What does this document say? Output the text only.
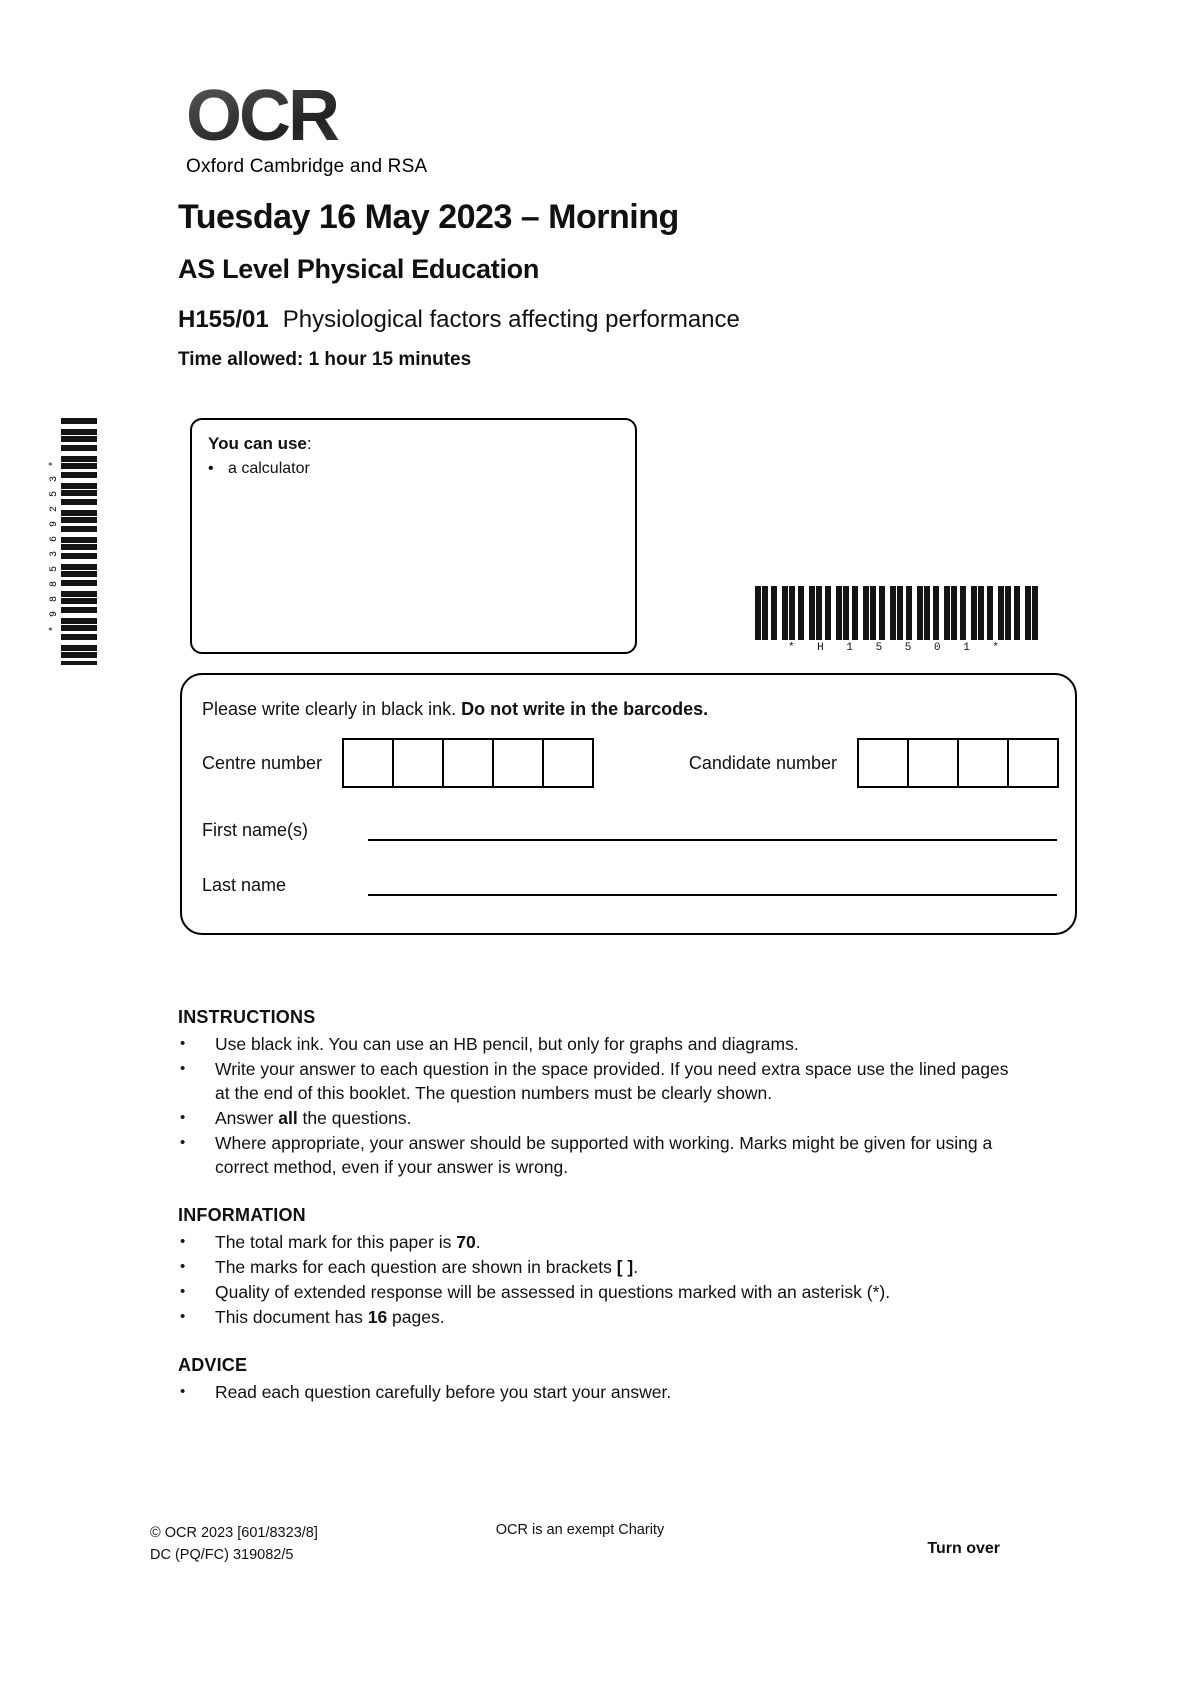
OCR
Oxford Cambridge and RSA
Tuesday 16 May 2023 – Morning
AS Level Physical Education
H155/01 Physiological factors affecting performance
Time allowed: 1 hour 15 minutes
You can use:
• a calculator
*9885369253*
* H 1 5 5 0 1 *
Please write clearly in black ink. Do not write in the barcodes.
Centre number	Candidate number
First name(s)
Last name
INSTRUCTIONS
• Use black ink. You can use an HB pencil, but only for graphs and diagrams.
• Write your answer to each question in the space provided. If you need extra space use the lined pages at the end of this booklet. The question numbers must be clearly shown.
• Answer all the questions.
• Where appropriate, your answer should be supported with working. Marks might be given for using a correct method, even if your answer is wrong.
INFORMATION
• The total mark for this paper is 70.
• The marks for each question are shown in brackets [ ].
• Quality of extended response will be assessed in questions marked with an asterisk (*).
• This document has 16 pages.
ADVICE
• Read each question carefully before you start your answer.
© OCR 2023 [601/8323/8]
DC (PQ/FC) 319082/5
OCR is an exempt Charity
Turn over
